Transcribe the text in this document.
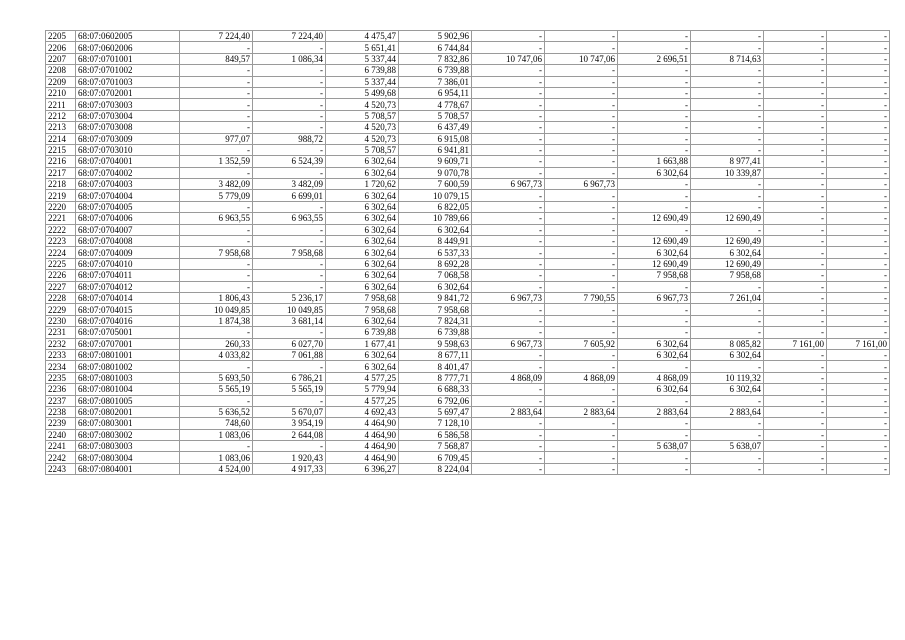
2205	68:07:0602005	7 224,40	7 224,40	4 475,47	5 902,96	-	-	-	-	-	-
2206	68:07:0602006	-	-	5 651,41	6 744,84	-	-	-	-	-	-
2207	68:07:0701001	849,57	1 086,34	5 337,44	7 832,86	10 747,06	10 747,06	2 696,51	8 714,63	-	-
2208	68:07:0701002	-	-	6 739,88	6 739,88	-	-	-	-	-	-
2209	68:07:0701003	-	-	5 337,44	7 386,01	-	-	-	-	-	-
2210	68:07:0702001	-	-	5 499,68	6 954,11	-	-	-	-	-	-
2211	68:07:0703003	-	-	4 520,73	4 778,67	-	-	-	-	-	-
2212	68:07:0703004	-	-	5 708,57	5 708,57	-	-	-	-	-	-
2213	68:07:0703008	-	-	4 520,73	6 437,49	-	-	-	-	-	-
2214	68:07:0703009	977,07	988,72	4 520,73	6 915,08	-	-	-	-	-	-
2215	68:07:0703010	-	-	5 708,57	6 941,81	-	-	-	-	-	-
2216	68:07:0704001	1 352,59	6 524,39	6 302,64	9 609,71	-	-	1 663,88	8 977,41	-	-
2217	68:07:0704002	-	-	6 302,64	9 070,78	-	-	6 302,64	10 339,87	-	-
2218	68:07:0704003	3 482,09	3 482,09	1 720,62	7 600,59	6 967,73	6 967,73	-	-	-	-
2219	68:07:0704004	5 779,09	6 699,01	6 302,64	10 079,15	-	-	-	-	-	-
2220	68:07:0704005	-	-	6 302,64	6 822,05	-	-	-	-	-	-
2221	68:07:0704006	6 963,55	6 963,55	6 302,64	10 789,66	-	-	12 690,49	12 690,49	-	-
2222	68:07:0704007	-	-	6 302,64	6 302,64	-	-	-	-	-	-
2223	68:07:0704008	-	-	6 302,64	8 449,91	-	-	12 690,49	12 690,49	-	-
2224	68:07:0704009	7 958,68	7 958,68	6 302,64	6 537,33	-	-	6 302,64	6 302,64	-	-
2225	68:07:0704010	-	-	6 302,64	8 692,28	-	-	12 690,49	12 690,49	-	-
2226	68:07:0704011	-	-	6 302,64	7 068,58	-	-	7 958,68	7 958,68	-	-
2227	68:07:0704012	-	-	6 302,64	6 302,64	-	-	-	-	-	-
2228	68:07:0704014	1 806,43	5 236,17	7 958,68	9 841,72	6 967,73	7 790,55	6 967,73	7 261,04	-	-
2229	68:07:0704015	10 049,85	10 049,85	7 958,68	7 958,68	-	-	-	-	-	-
2230	68:07:0704016	1 874,38	3 681,14	6 302,64	7 824,31	-	-	-	-	-	-
2231	68:07:0705001	-	-	6 739,88	6 739,88	-	-	-	-	-	-
2232	68:07:0707001	260,33	6 027,70	1 677,41	9 598,63	6 967,73	7 605,92	6 302,64	8 085,82	7 161,00	7 161,00
2233	68:07:0801001	4 033,82	7 061,88	6 302,64	8 677,11	-	-	6 302,64	6 302,64	-	-
2234	68:07:0801002	-	-	6 302,64	8 401,47	-	-	-	-	-	-
2235	68:07:0801003	5 693,50	6 786,21	4 577,25	8 777,71	4 868,09	4 868,09	4 868,09	10 119,32	-	-
2236	68:07:0801004	5 565,19	5 565,19	5 779,94	6 688,33	-	-	6 302,64	6 302,64	-	-
2237	68:07:0801005	-	-	4 577,25	6 792,06	-	-	-	-	-	-
2238	68:07:0802001	5 636,52	5 670,07	4 692,43	5 697,47	2 883,64	2 883,64	2 883,64	2 883,64	-	-
2239	68:07:0803001	748,60	3 954,19	4 464,90	7 128,10	-	-	-	-	-	-
2240	68:07:0803002	1 083,06	2 644,08	4 464,90	6 586,58	-	-	-	-	-	-
2241	68:07:0803003	-	-	4 464,90	7 568,87	-	-	5 638,07	5 638,07	-	-
2242	68:07:0803004	1 083,06	1 920,43	4 464,90	6 709,45	-	-	-	-	-	-
2243	68:07:0804001	4 524,00	4 917,33	6 396,27	8 224,04	-	-	-	-	-	-
